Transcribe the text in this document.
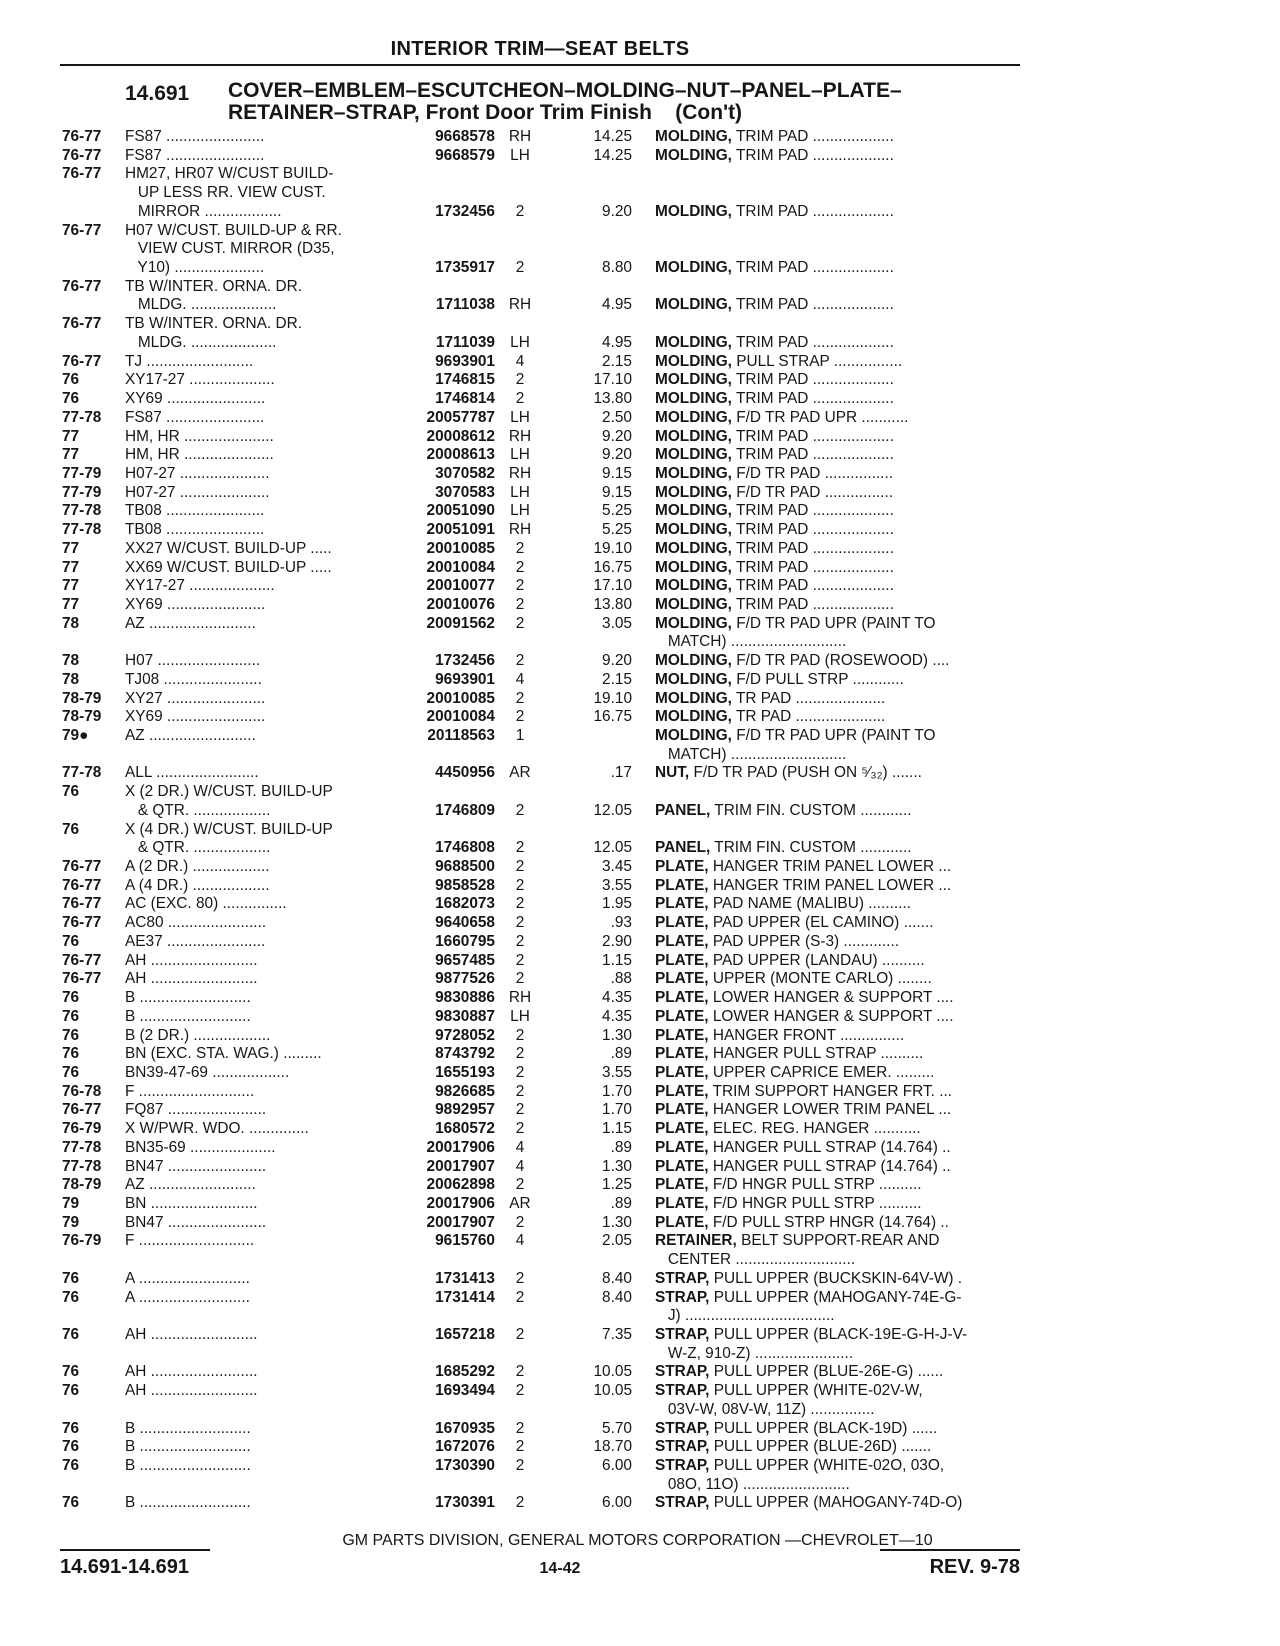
INTERIOR TRIM—SEAT BELTS
14.691 COVER–EMBLEM–ESCUTCHEON–MOLDING–NUT–PANEL–PLATE–
RETAINER–STRAP, Front Door Trim Finish    (Con't)
76-77 FS87 .......................	9668578 RH	14.25 MOLDING, TRIM PAD ...................
76-77 FS87 .......................	9668579 LH	14.25 MOLDING, TRIM PAD ...................
76-77 HM27, HR07 W/CUST BUILD-
UP LESS RR. VIEW CUST.
MIRROR ..................	1732456	2	9.20 MOLDING, TRIM PAD ...................
76-77 H07 W/CUST. BUILD-UP & RR.
VIEW CUST. MIRROR (D35,
Y10) .....................	1735917	2	8.80 MOLDING, TRIM PAD ...................
76-77 TB W/INTER. ORNA. DR.
MLDG. ....................	1711038 RH	4.95 MOLDING, TRIM PAD ...................
76-77 TB W/INTER. ORNA. DR.
MLDG. ....................	1711039 LH	4.95 MOLDING, TRIM PAD ...................
76-77 TJ .........................	9693901	4	2.15 MOLDING, PULL STRAP ................
76	XY17-27 ....................	1746815	2	17.10 MOLDING, TRIM PAD ...................
76	XY69 .......................	1746814	2	13.80 MOLDING, TRIM PAD ...................
77-78 FS87 .......................	20057787 LH	2.50 MOLDING, F/D TR PAD UPR ...........
77	HM, HR .....................	20008612 RH	9.20 MOLDING, TRIM PAD ...................
77	HM, HR .....................	20008613 LH	9.20 MOLDING, TRIM PAD ...................
77-79 H07-27 .....................	3070582 RH	9.15 MOLDING, F/D TR PAD ................
77-79 H07-27 .....................	3070583 LH	9.15 MOLDING, F/D TR PAD ................
77-78 TB08 .......................	20051090 LH	5.25 MOLDING, TRIM PAD ...................
77-78 TB08 .......................	20051091 RH	5.25 MOLDING, TRIM PAD ...................
77	XX27 W/CUST. BUILD-UP .....	20010085	2	19.10 MOLDING, TRIM PAD ...................
77	XX69 W/CUST. BUILD-UP .....	20010084	2	16.75 MOLDING, TRIM PAD ...................
77	XY17-27 ....................	20010077	2	17.10 MOLDING, TRIM PAD ...................
77	XY69 .......................	20010076	2	13.80 MOLDING, TRIM PAD ...................
78	AZ .........................	20091562	2	3.05 MOLDING, F/D TR PAD UPR (PAINT TO
MATCH) ...........................
78	H07 ........................	1732456	2	9.20 MOLDING, F/D TR PAD (ROSEWOOD) ....
78	TJ08 .......................	9693901	4	2.15 MOLDING, F/D PULL STRP ............
78-79 XY27 .......................	20010085	2	19.10 MOLDING, TR PAD .....................
78-79 XY69 .......................	20010084	2	16.75 MOLDING, TR PAD .....................
79● AZ .........................	20118563	1	MOLDING, F/D TR PAD UPR (PAINT TO
MATCH) ...........................
77-78 ALL ........................	4450956 AR	.17 NUT, F/D TR PAD (PUSH ON ⁵⁄₃₂) .......
76	X (2 DR.) W/CUST. BUILD-UP
& QTR. ..................	1746809	2	12.05 PANEL, TRIM FIN. CUSTOM ............
76	X (4 DR.) W/CUST. BUILD-UP
& QTR. ..................	1746808	2	12.05 PANEL, TRIM FIN. CUSTOM ............
76-77 A (2 DR.) ..................	9688500	2	3.45 PLATE, HANGER TRIM PANEL LOWER ...
76-77 A (4 DR.) ..................	9858528	2	3.55 PLATE, HANGER TRIM PANEL LOWER ...
76-77 AC (EXC. 80) ...............	1682073	2	1.95 PLATE, PAD NAME (MALIBU) ..........
76-77 AC80 .......................	9640658	2	.93 PLATE, PAD UPPER (EL CAMINO) .......
76	AE37 .......................	1660795	2	2.90 PLATE, PAD UPPER (S-3) .............
76-77 AH .........................	9657485	2	1.15 PLATE, PAD UPPER (LANDAU) ..........
76-77 AH .........................	9877526	2	.88 PLATE, UPPER (MONTE CARLO) ........
76	B ..........................	9830886 RH	4.35 PLATE, LOWER HANGER & SUPPORT ....
76	B ..........................	9830887 LH	4.35 PLATE, LOWER HANGER & SUPPORT ....
76	B (2 DR.) ..................	9728052	2	1.30 PLATE, HANGER FRONT ...............
76	BN (EXC. STA. WAG.) .........	8743792	2	.89 PLATE, HANGER PULL STRAP ..........
76	BN39-47-69 ..................	1655193	2	3.55 PLATE, UPPER CAPRICE EMER. .........
76-78 F ...........................	9826685	2	1.70 PLATE, TRIM SUPPORT HANGER FRT. ...
76-77 FQ87 .......................	9892957	2	1.70 PLATE, HANGER LOWER TRIM PANEL ...
76-79 X W/PWR. WDO. ..............	1680572	2	1.15 PLATE, ELEC. REG. HANGER ...........
77-78 BN35-69 ....................	20017906	4	.89 PLATE, HANGER PULL STRAP (14.764) ..
77-78 BN47 .......................	20017907	4	1.30 PLATE, HANGER PULL STRAP (14.764) ..
78-79 AZ .........................	20062898	2	1.25 PLATE, F/D HNGR PULL STRP ..........
79	BN .........................	20017906 AR	.89 PLATE, F/D HNGR PULL STRP ..........
79	BN47 .......................	20017907	2	1.30 PLATE, F/D PULL STRP HNGR (14.764) ..
76-79 F ...........................	9615760	4	2.05 RETAINER, BELT SUPPORT-REAR AND
CENTER ............................
76	A ..........................	1731413	2	8.40 STRAP, PULL UPPER (BUCKSKIN-64V-W) .
76	A ..........................	1731414	2	8.40 STRAP, PULL UPPER (MAHOGANY-74E-G-
J) ...................................
76	AH .........................	1657218	2	7.35 STRAP, PULL UPPER (BLACK-19E-G-H-J-V-
W-Z, 910-Z) .......................
76	AH .........................	1685292	2	10.05 STRAP, PULL UPPER (BLUE-26E-G) ......
76	AH .........................	1693494	2	10.05 STRAP, PULL UPPER (WHITE-02V-W,
03V-W, 08V-W, 11Z) ...............
76	B ..........................	1670935	2	5.70 STRAP, PULL UPPER (BLACK-19D) ......
76	B ..........................	1672076	2	18.70 STRAP, PULL UPPER (BLUE-26D) .......
76	B ..........................	1730390	2	6.00 STRAP, PULL UPPER (WHITE-02O, 03O,
08O, 11O) .........................
76	B ..........................	1730391	2	6.00 STRAP, PULL UPPER (MAHOGANY-74D-O)
GM PARTS DIVISION, GENERAL MOTORS CORPORATION —CHEVROLET—10
14.691-14.691	14-42	REV. 9-78
